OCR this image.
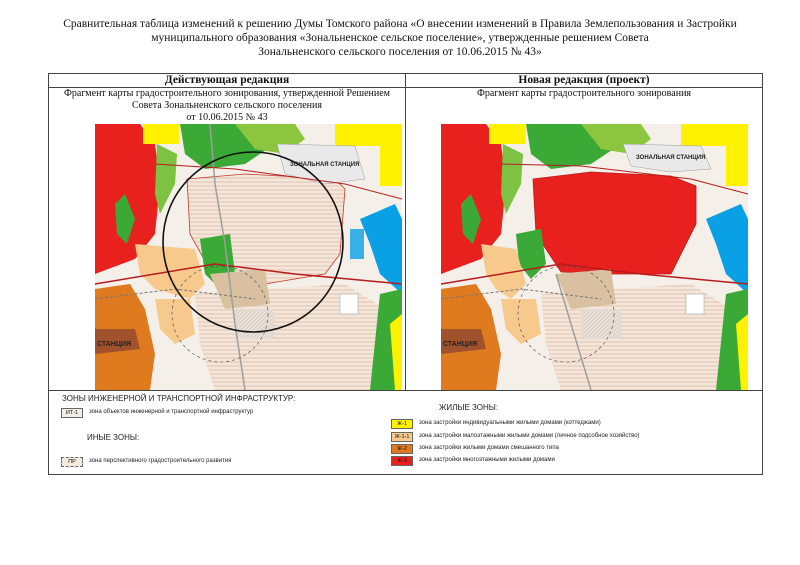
Сравнительная таблица изменений к решению Думы Томского района «О внесении изменений в Правила Землепользования и Застройки
муниципального образования «Зональненское сельское поселение», утвержденные решением Совета
Зональненского сельского поселения от 10.06.2015 № 43»
Действующая редакция	Новая редакция (проект)
Фрагмент карты градостроительного зонирования, утвержденной Решением
Совета Зональненского сельского поселения
от 10.06.2015 № 43
Фрагмент карты градостроительного зонирования
ЗОНАЛЬНАЯ СТАНЦИЯ
СТАНЦИЯ
ЗОНАЛЬНАЯ СТАНЦИЯ
СТАНЦИЯ
ЗОНЫ ИНЖЕНЕРНОЙ И ТРАНСПОРТНОЙ ИНФРАСТРУКТУР:
ИТ-1	зона объектов инженерной и транспортной инфраструктур
ИНЫЕ ЗОНЫ:
ПР	зона перспективного градостроительного развития
ЖИЛЫЕ ЗОНЫ:
Ж-1	зона застройки индивидуальными жилыми домами (коттеджами)
Ж-1-1	зона застройки малоэтажными жилыми домами (личное подсобное хозяйство)
Ж-2	зона застройки жилыми домами смешанного типа
Ж-3	зона застройки многоэтажными жилыми домами
